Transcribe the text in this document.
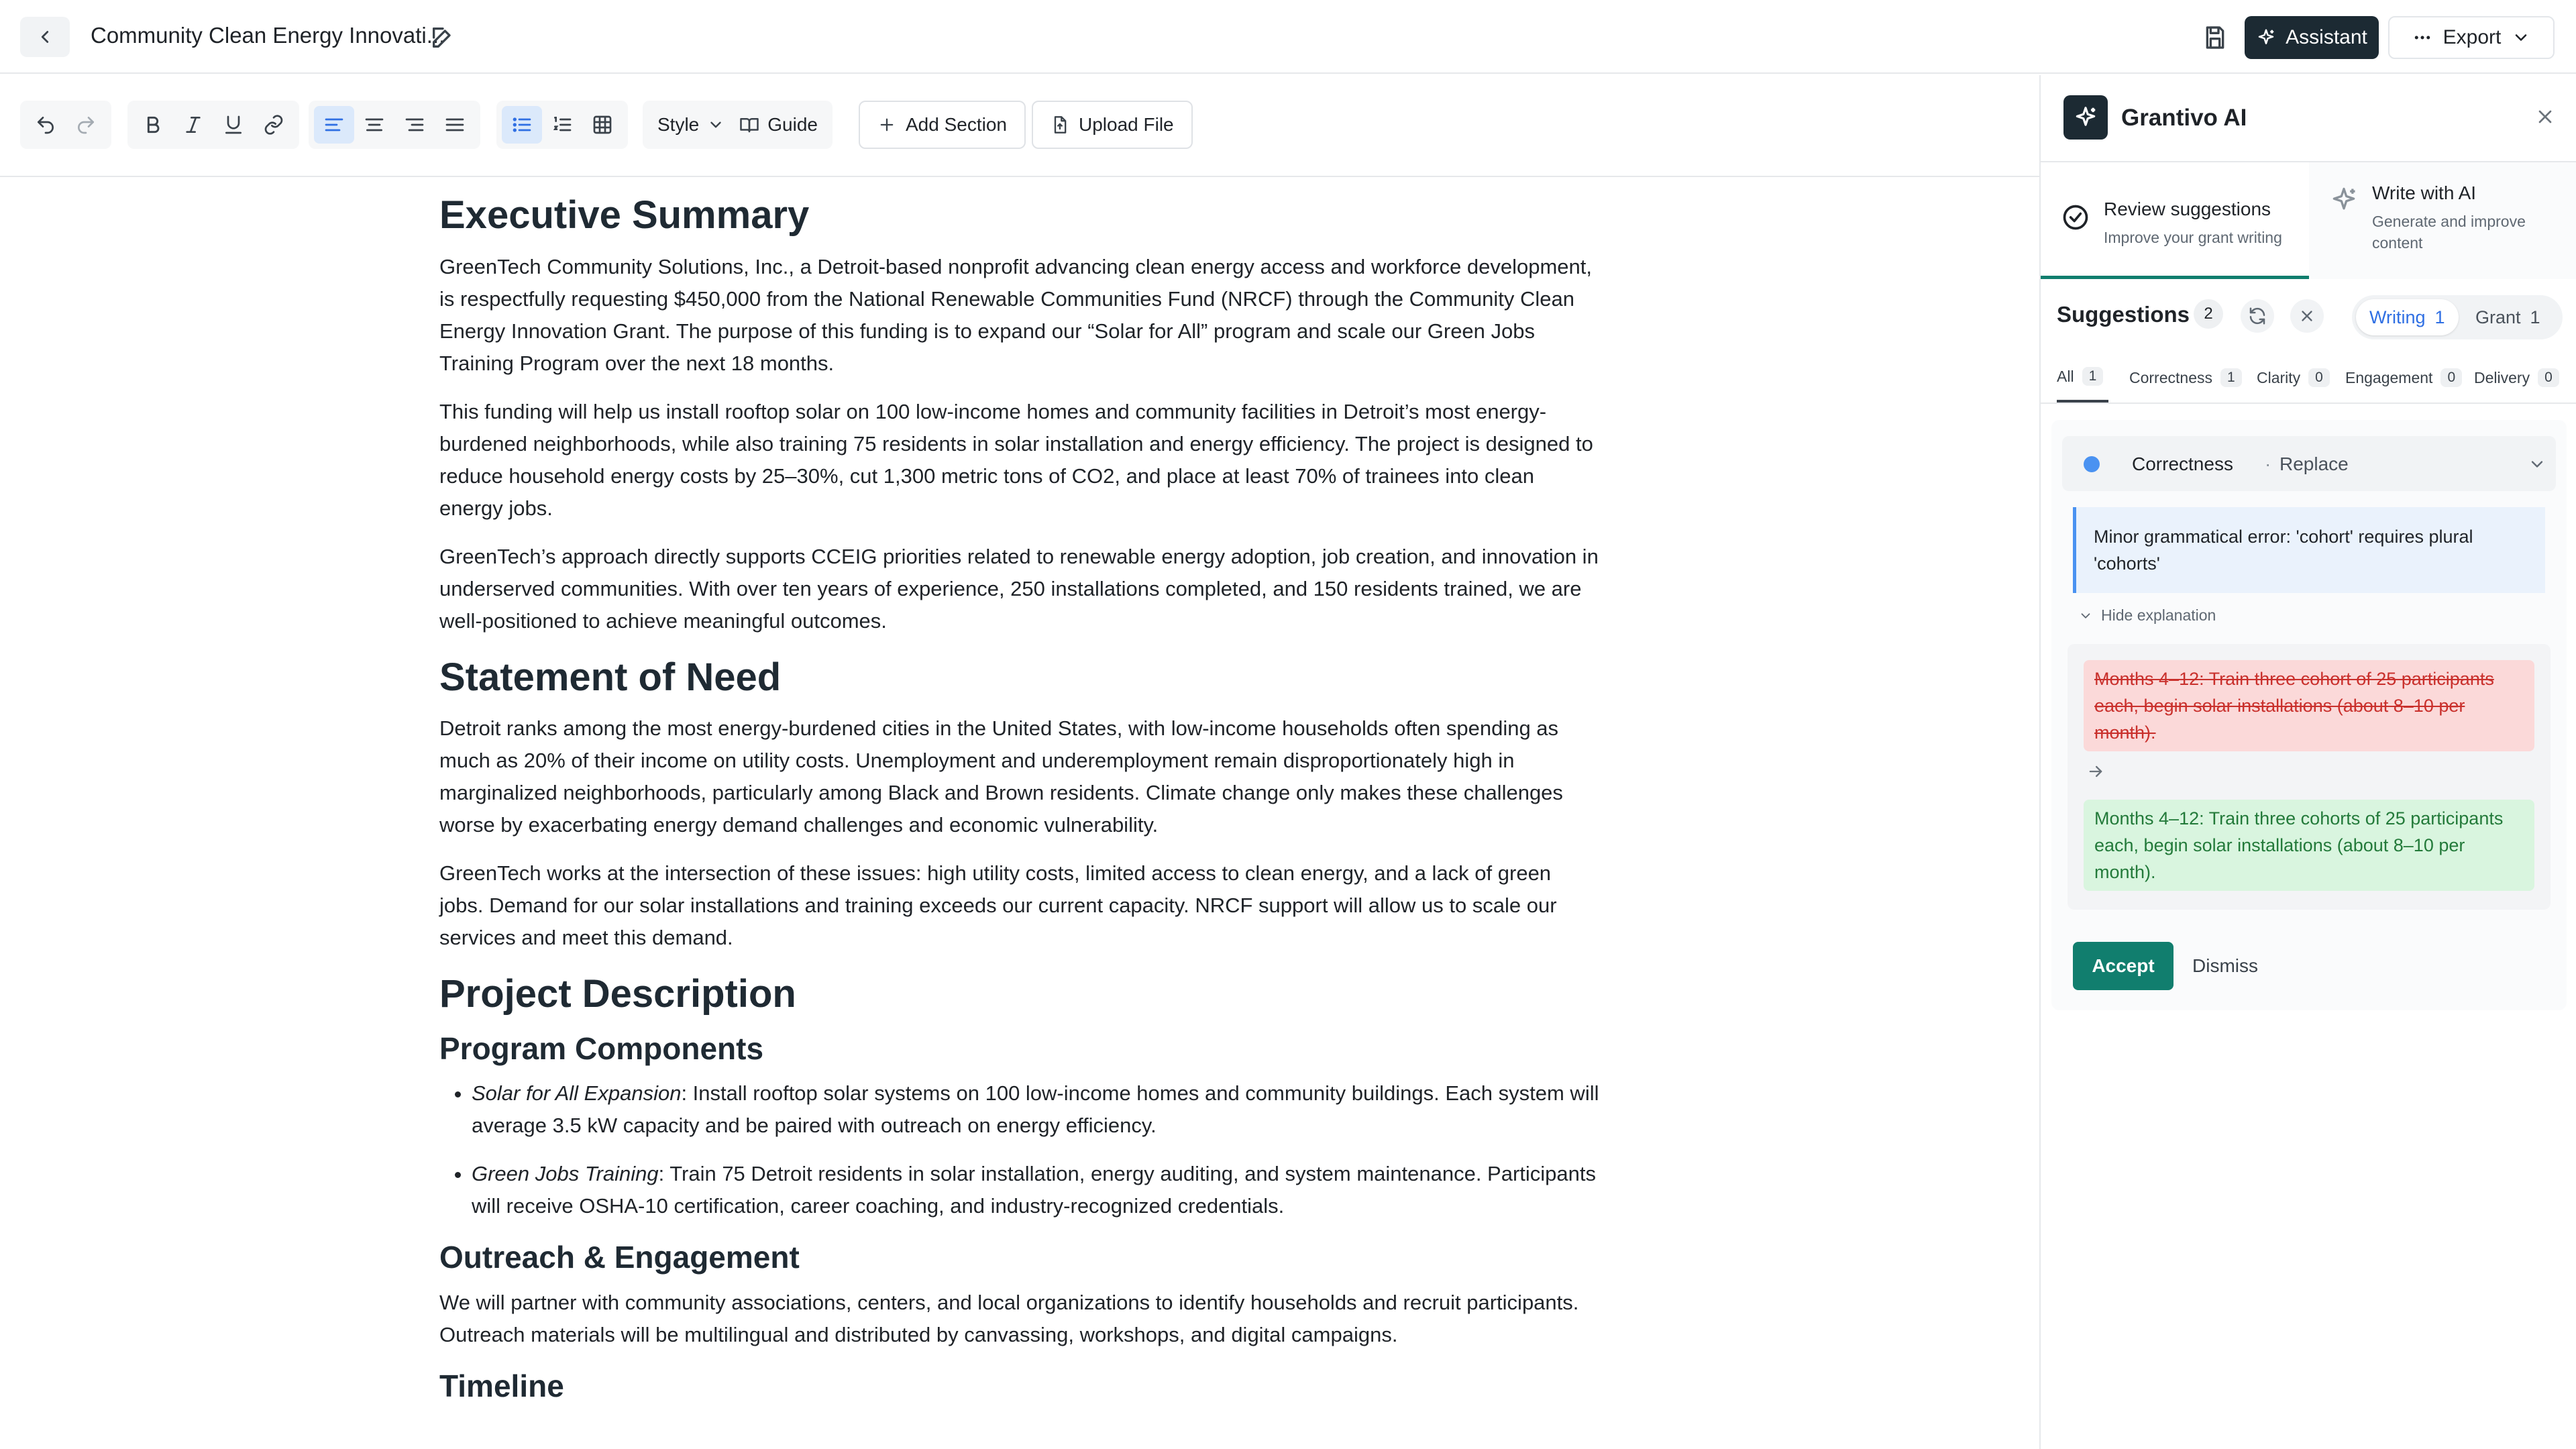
Community Clean Energy Innovati...	Assistant	Export
Style	Guide	Add Section	Upload File
Executive Summary

GreenTech Community Solutions, Inc., a Detroit-based nonprofit advancing clean energy access and workforce development, is respectfully requesting $450,000 from the National Renewable Communities Fund (NRCF) through the Community Clean Energy Innovation Grant. The purpose of this funding is to expand our “Solar for All” program and scale our Green Jobs Training Program over the next 18 months.

This funding will help us install rooftop solar on 100 low-income homes and community facilities in Detroit’s most energy-burdened neighborhoods, while also training 75 residents in solar installation and energy efficiency. The project is designed to reduce household energy costs by 25–30%, cut 1,300 metric tons of CO2, and place at least 70% of trainees into clean energy jobs.

GreenTech’s approach directly supports CCEIG priorities related to renewable energy adoption, job creation, and innovation in underserved communities. With over ten years of experience, 250 installations completed, and 150 residents trained, we are well-positioned to achieve meaningful outcomes.

Statement of Need

Detroit ranks among the most energy-burdened cities in the United States, with low-income households often spending as much as 20% of their income on utility costs. Unemployment and underemployment remain disproportionately high in marginalized neighborhoods, particularly among Black and Brown residents. Climate change only makes these challenges worse by exacerbating energy demand challenges and economic vulnerability.

GreenTech works at the intersection of these issues: high utility costs, limited access to clean energy, and a lack of green jobs. Demand for our solar installations and training exceeds our current capacity. NRCF support will allow us to scale our services and meet this demand.

Project Description
Program Components
• Solar for All Expansion: Install rooftop solar systems on 100 low-income homes and community buildings. Each system will average 3.5 kW capacity and be paired with outreach on energy efficiency.
• Green Jobs Training: Train 75 Detroit residents in solar installation, energy auditing, and system maintenance. Participants will receive OSHA-10 certification, career coaching, and industry-recognized credentials.
Outreach & Engagement

We will partner with community associations, centers, and local organizations to identify households and recruit participants. Outreach materials will be multilingual and distributed by canvassing, workshops, and digital campaigns.

Timeline
Grantivo AI
Review suggestions
Improve your grant writing
Write with AI
Generate and improve content
Suggestions 2	Writing 1 Grant 1
All	1	Correctness	1	Clarity	0	Engagement	0	Delivery	0
Correctness · Replace
Minor grammatical error: 'cohort' requires plural 'cohorts'
Hide explanation
Months 4–12: Train three cohort of 25 participants each, begin solar installations (about 8–10 per month).
Months 4–12: Train three cohorts of 25 participants each, begin solar installations (about 8–10 per month).
Accept	Dismiss
